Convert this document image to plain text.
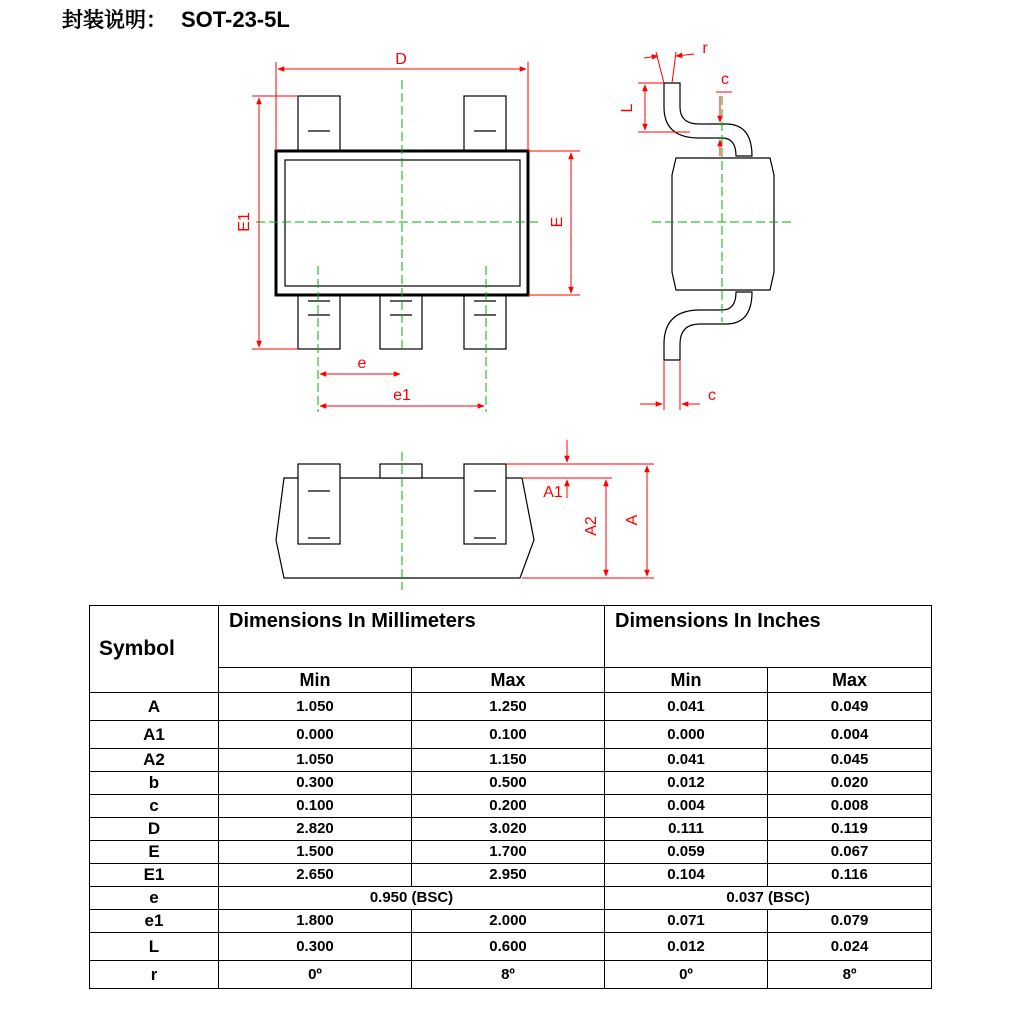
封装说明： SOT-23-5L
D
E1	E
e
e1
r
c
L
c
A1
A2 A
Symbol	Dimensions In Millimeters		Dimensions In Inches	
	Min	Max	Min	Max
A	1.050	1.250	0.041	0.049
A1	0.000	0.100	0.000	0.004
A2	1.050	1.150	0.041	0.045
b	0.300	0.500	0.012	0.020
c	0.100	0.200	0.004	0.008
D	2.820	3.020	0.111	0.119
E	1.500	1.700	0.059	0.067
E1	2.650	2.950	0.104	0.116
e	0.950 (BSC)		0.037 (BSC)	
e1	1.800	2.000	0.071	0.079
L	0.300	0.600	0.012	0.024
r	0º	8º	0º	8º
